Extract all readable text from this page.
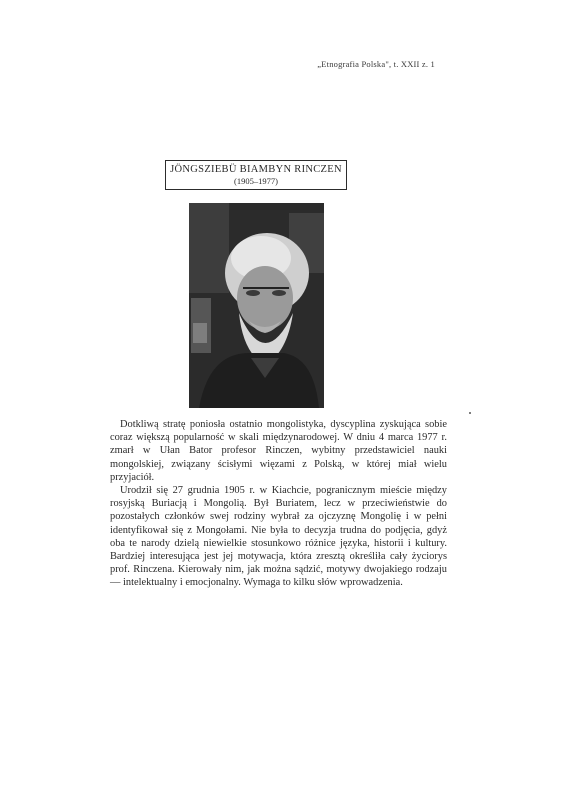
„Etnografia Polska", t. XXII z. 1
JÖNGSZIEBÜ BIAMBYN RINCZEN
(1905–1977)

Dotkliwą stratę poniosła ostatnio mongolistyka, dyscyplina zyskująca sobie coraz większą popularność w skali międzynarodowej. W dniu 4 marca 1977 r. zmarł w Ułan Bator profesor Rinczen, wybitny przedstawiciel nauki mongolskiej, związany ścisłymi więzami z Polską, w której miał wielu przyjaciół.

Urodził się 27 grudnia 1905 r. w Kiachcie, pogranicznym mieście między rosyjską Buriacją i Mongolią. Był Buriatem, lecz w przeciwieństwie do pozostałych członków swej rodziny wybrał za ojczyznę Mongolię i w pełni identyfikował się z Mongołami. Nie była to decyzja trudna do podjęcia, gdyż oba te narody dzielą niewielkie stosunkowo różnice języka, historii i kultury. Bardziej interesująca jest jej motywacja, która zresztą określiła cały życiorys prof. Rinczena. Kierowały nim, jak można sądzić, motywy dwojakiego rodzaju — intelektualny i emocjonalny. Wymaga to kilku słów wprowadzenia.
